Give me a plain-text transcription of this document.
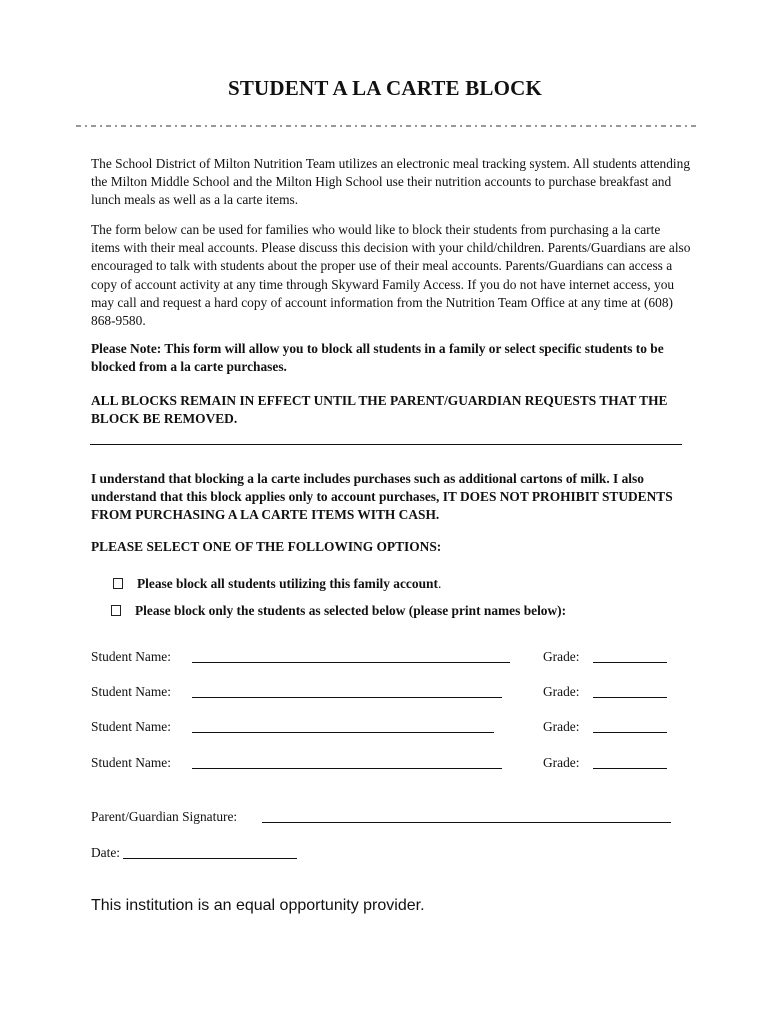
STUDENT A LA CARTE BLOCK
The School District of Milton Nutrition Team utilizes an electronic meal tracking system. All students attending the Milton Middle School and the Milton High School use their nutrition accounts to purchase breakfast and lunch meals as well as a la carte items.
The form below can be used for families who would like to block their students from purchasing a la carte items with their meal accounts. Please discuss this decision with your child/children. Parents/Guardians are also encouraged to talk with students about the proper use of their meal accounts. Parents/Guardians can access a copy of account activity at any time through Skyward Family Access. If you do not have internet access, you may call and request a hard copy of account information from the Nutrition Team Office at any time at (608) 868-9580.
Please Note: This form will allow you to block all students in a family or select specific students to be blocked from a la carte purchases.
ALL BLOCKS REMAIN IN EFFECT UNTIL THE PARENT/GUARDIAN REQUESTS THAT THE BLOCK BE REMOVED.
I understand that blocking a la carte includes purchases such as additional cartons of milk. I also understand that this block applies only to account purchases, IT DOES NOT PROHIBIT STUDENTS FROM PURCHASING A LA CARTE ITEMS WITH CASH.
PLEASE SELECT ONE OF THE FOLLOWING OPTIONS:
Please block all students utilizing this family account.
Please block only the students as selected below (please print names below):
Student Name:	Grade:
Student Name:	Grade:
Student Name:	Grade:
Student Name:	Grade:
Parent/Guardian Signature:
Date:
This institution is an equal opportunity provider.
